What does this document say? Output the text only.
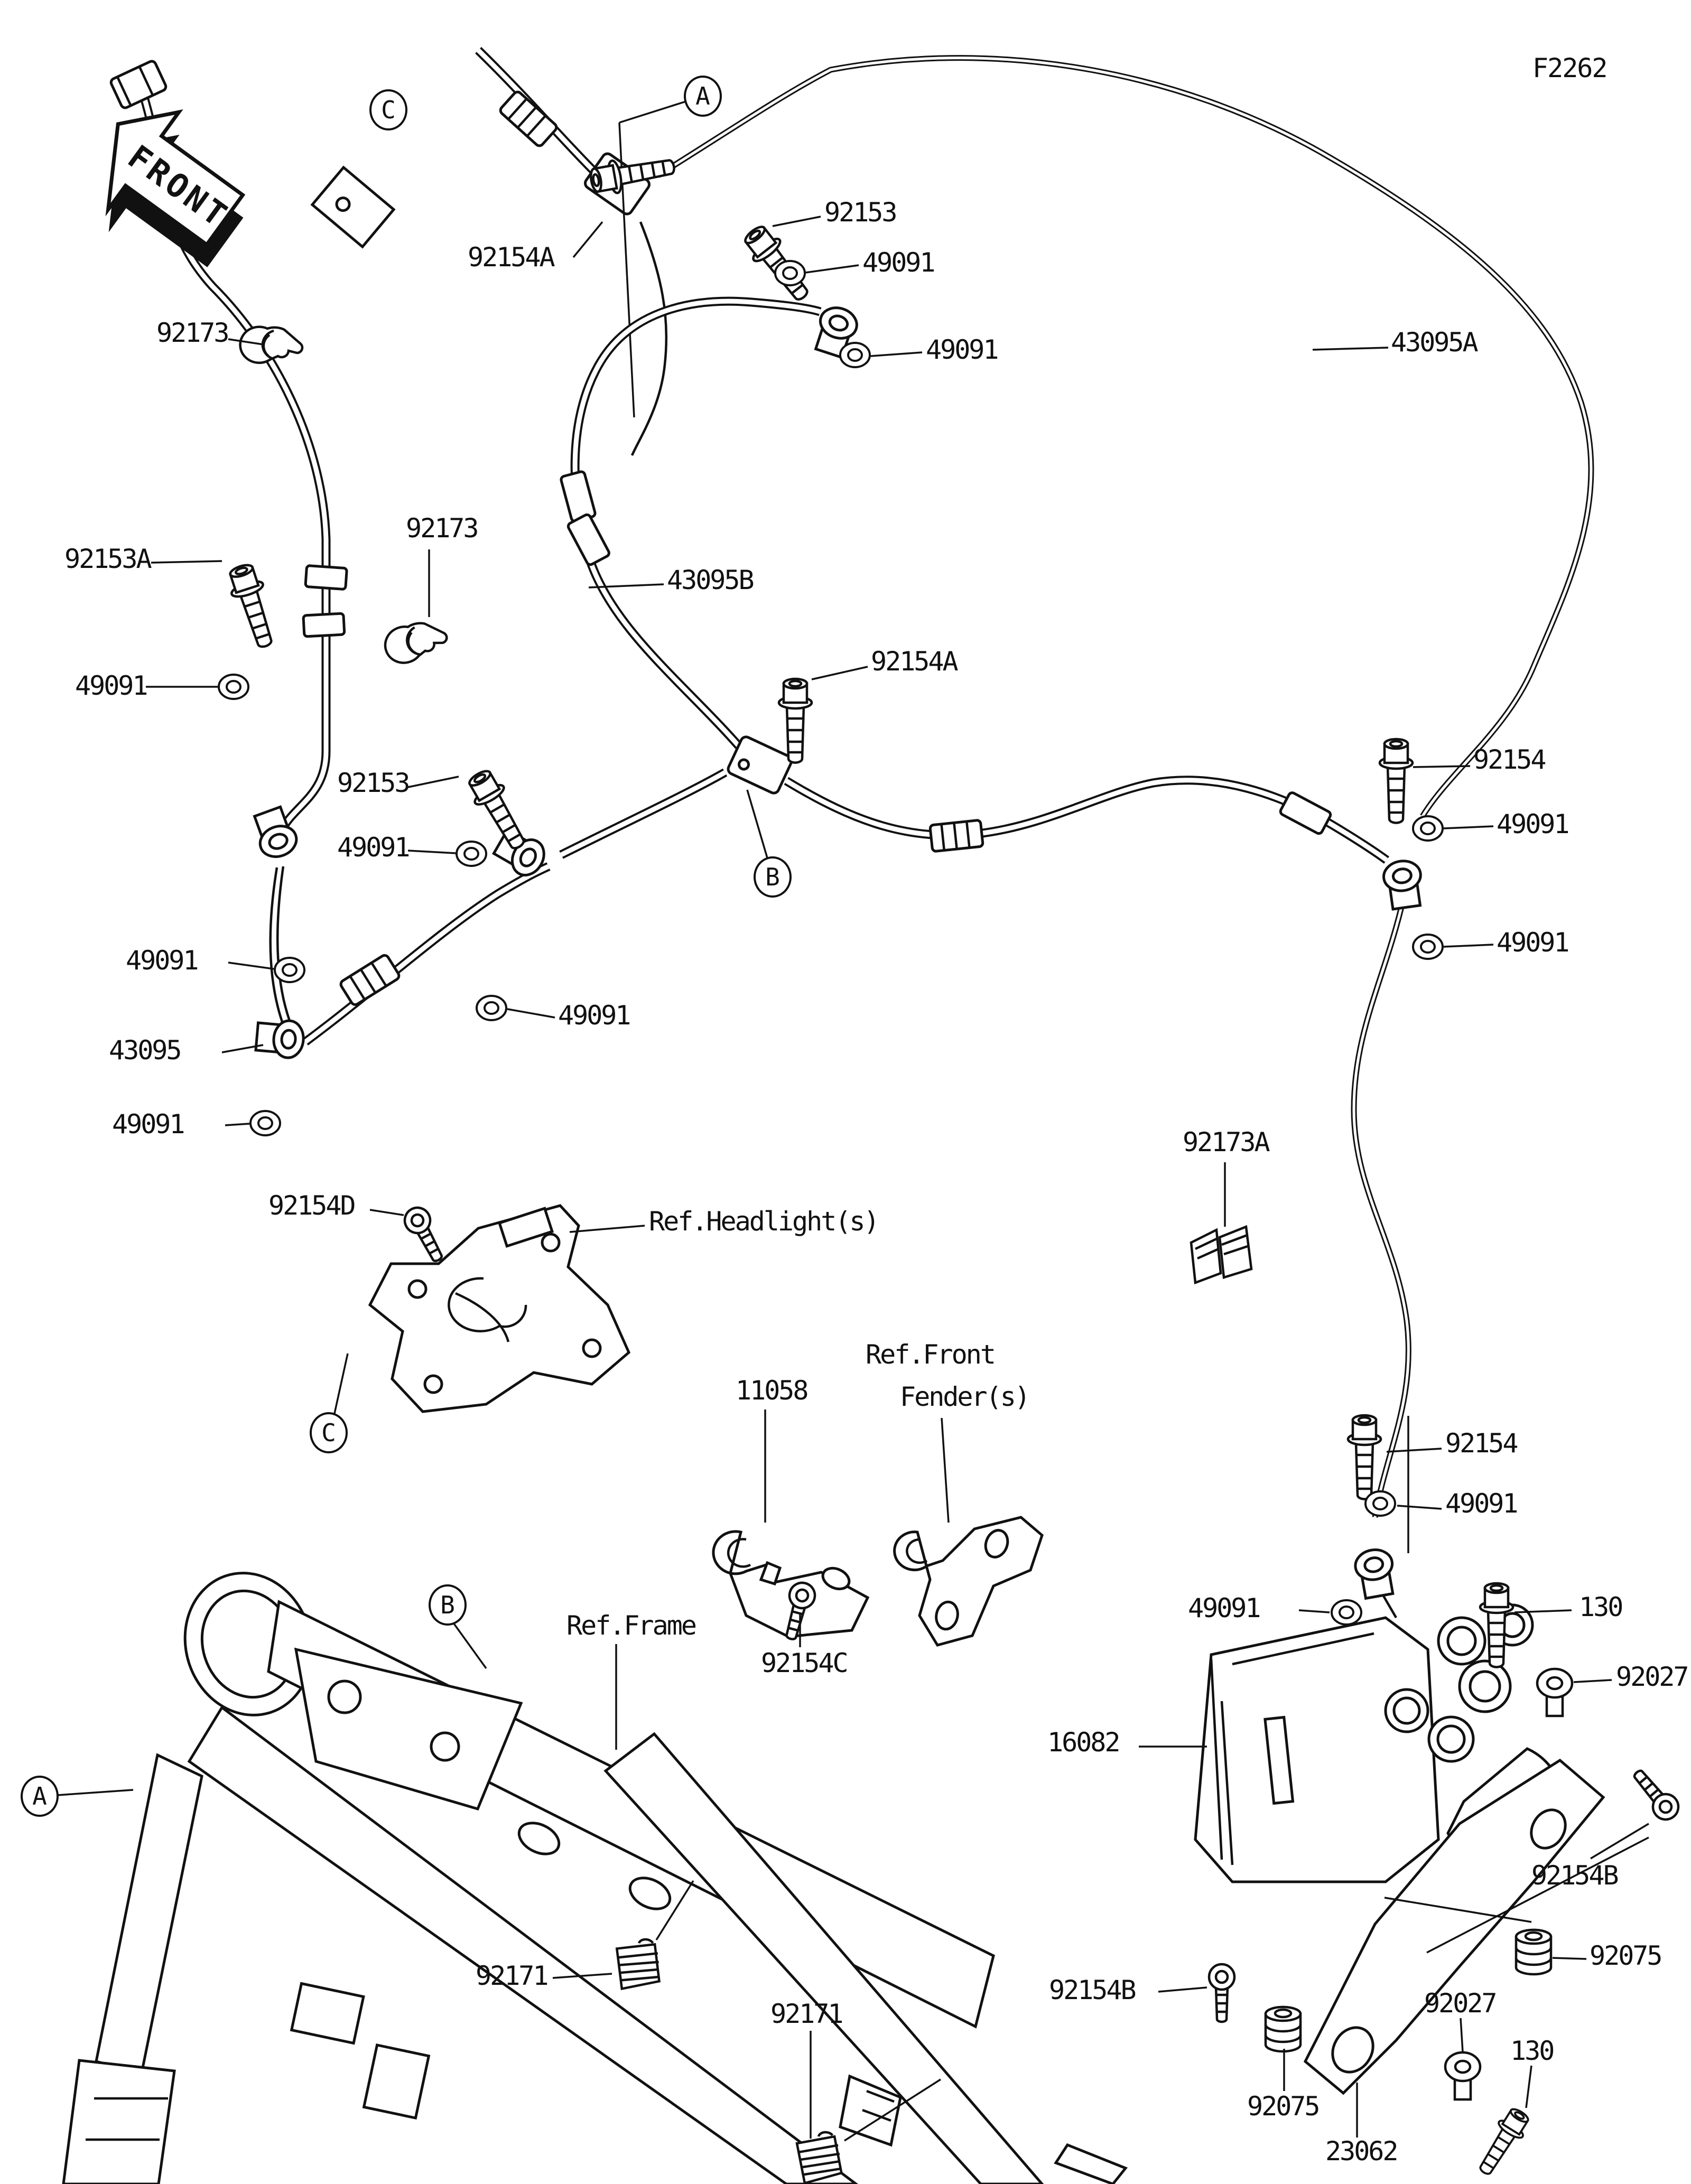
FRONT
F2262
92154A
92153
49091
49091	43095A
92173
92153A
49091
92173
43095B
92154A
92153
49091
92154
49091
49091
49091
49091
43095
49091
92173A
92154D
Ref.Headlight(s)
11058
Ref.Front
Fender(s)
92154
49091
Ref.Frame
92154C
49091	130
92027
16082
92154B
92075
92154B	92027
130
92075
23062
92171
92171
C	A
B
C
B
A
